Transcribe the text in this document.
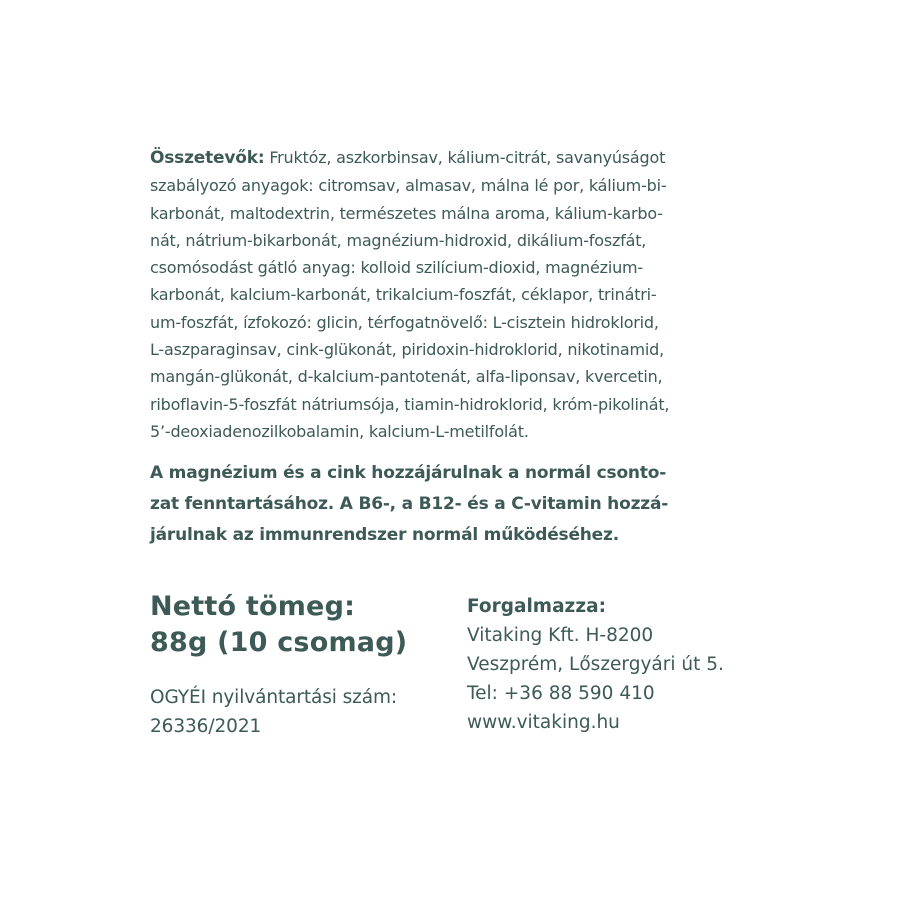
Összetevők: Fruktóz, aszkorbinsav, kálium-citrát, savanyúságot
szabályozó anyagok: citromsav, almasav, málna lé por, kálium-bi-
karbonát, maltodextrin, természetes málna aroma, kálium-karbo-
nát, nátrium-bikarbonát, magnézium-hidroxid, dikálium-foszfát,
csomósodást gátló anyag: kolloid szilícium-dioxid, magnézium-
karbonát, kalcium-karbonát, trikalcium-foszfát, céklapor, trinátri-
um-foszfát, ízfokozó: glicin, térfogatnövelő: L-cisztein hidroklorid,
L-aszparaginsav, cink-glükonát, piridoxin-hidroklorid, nikotinamid,
mangán-glükonát, d-kalcium-pantotenát, alfa-liponsav, kvercetin,
riboflavin-5-foszfát nátriumsója, tiamin-hidroklorid, króm-pikolinát,
5’-deoxiadenozilkobalamin, kalcium-L-metilfolát.
A magnézium és a cink hozzájárulnak a normál csonto-
zat fenntartásához. A B6-, a B12- és a C-vitamin hozzá-
járulnak az immunrendszer normál működéséhez.
Nettó tömeg:
88g (10 csomag)
OGYÉI nyilvántartási szám:
26336/2021
Forgalmazza:
Vitaking Kft. H-8200
Veszprém, Lőszergyári út 5.
Tel: +36 88 590 410
www.vitaking.hu
